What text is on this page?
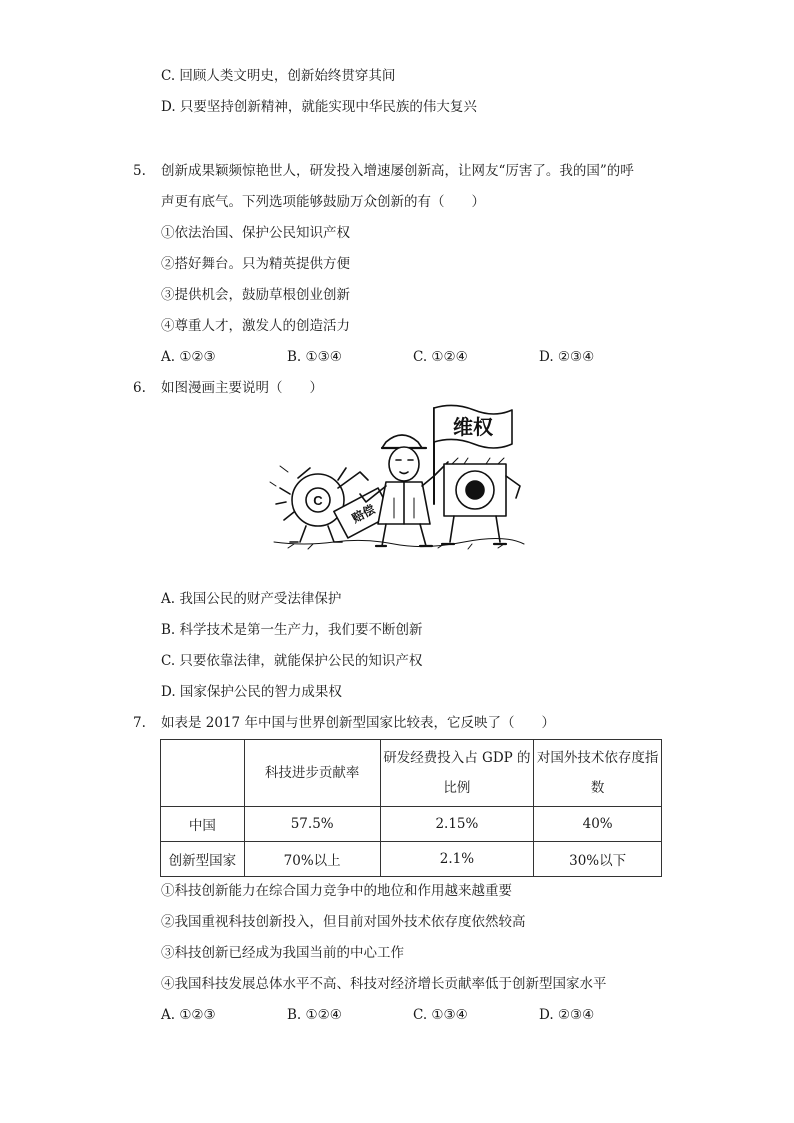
C. 回顾人类文明史，创新始终贯穿其间
D. 只要坚持创新精神，就能实现中华民族的伟大复兴
5. 创新成果颖频惊艳世人，研发投入增速屡创新高，让网友“厉害了。我的国”的呼
声更有底气。下列选项能够鼓励万众创新的有（　　）
①依法治国、保护公民知识产权
②搭好舞台。只为精英提供方便
③提供机会，鼓励草根创业创新
④尊重人才，激发人的创造活力
A. ①②③	B. ①③④	C. ①②④	D. ②③④
6. 如图漫画主要说明（　　）
维权
赔偿
C
A. 我国公民的财产受法律保护
B. 科学技术是第一生产力，我们要不断创新
C. 只要依靠法律，就能保护公民的知识产权
D. 国家保护公民的智力成果权
7. 如表是 2017 年中国与世界创新型国家比较表，它反映了（　　）
	科技进步贡献率	研发经费投入占 GDP 的比例	对国外技术依存度指数
中国	57.5%	2.15%	40%
创新型国家	70%以上	2.1%	30%以下
①科技创新能力在综合国力竞争中的地位和作用越来越重要
②我国重视科技创新投入，但目前对国外技术依存度依然较高
③科技创新已经成为我国当前的中心工作
④我国科技发展总体水平不高、科技对经济增长贡献率低于创新型国家水平
A. ①②③	B. ①②④	C. ①③④	D. ②③④
